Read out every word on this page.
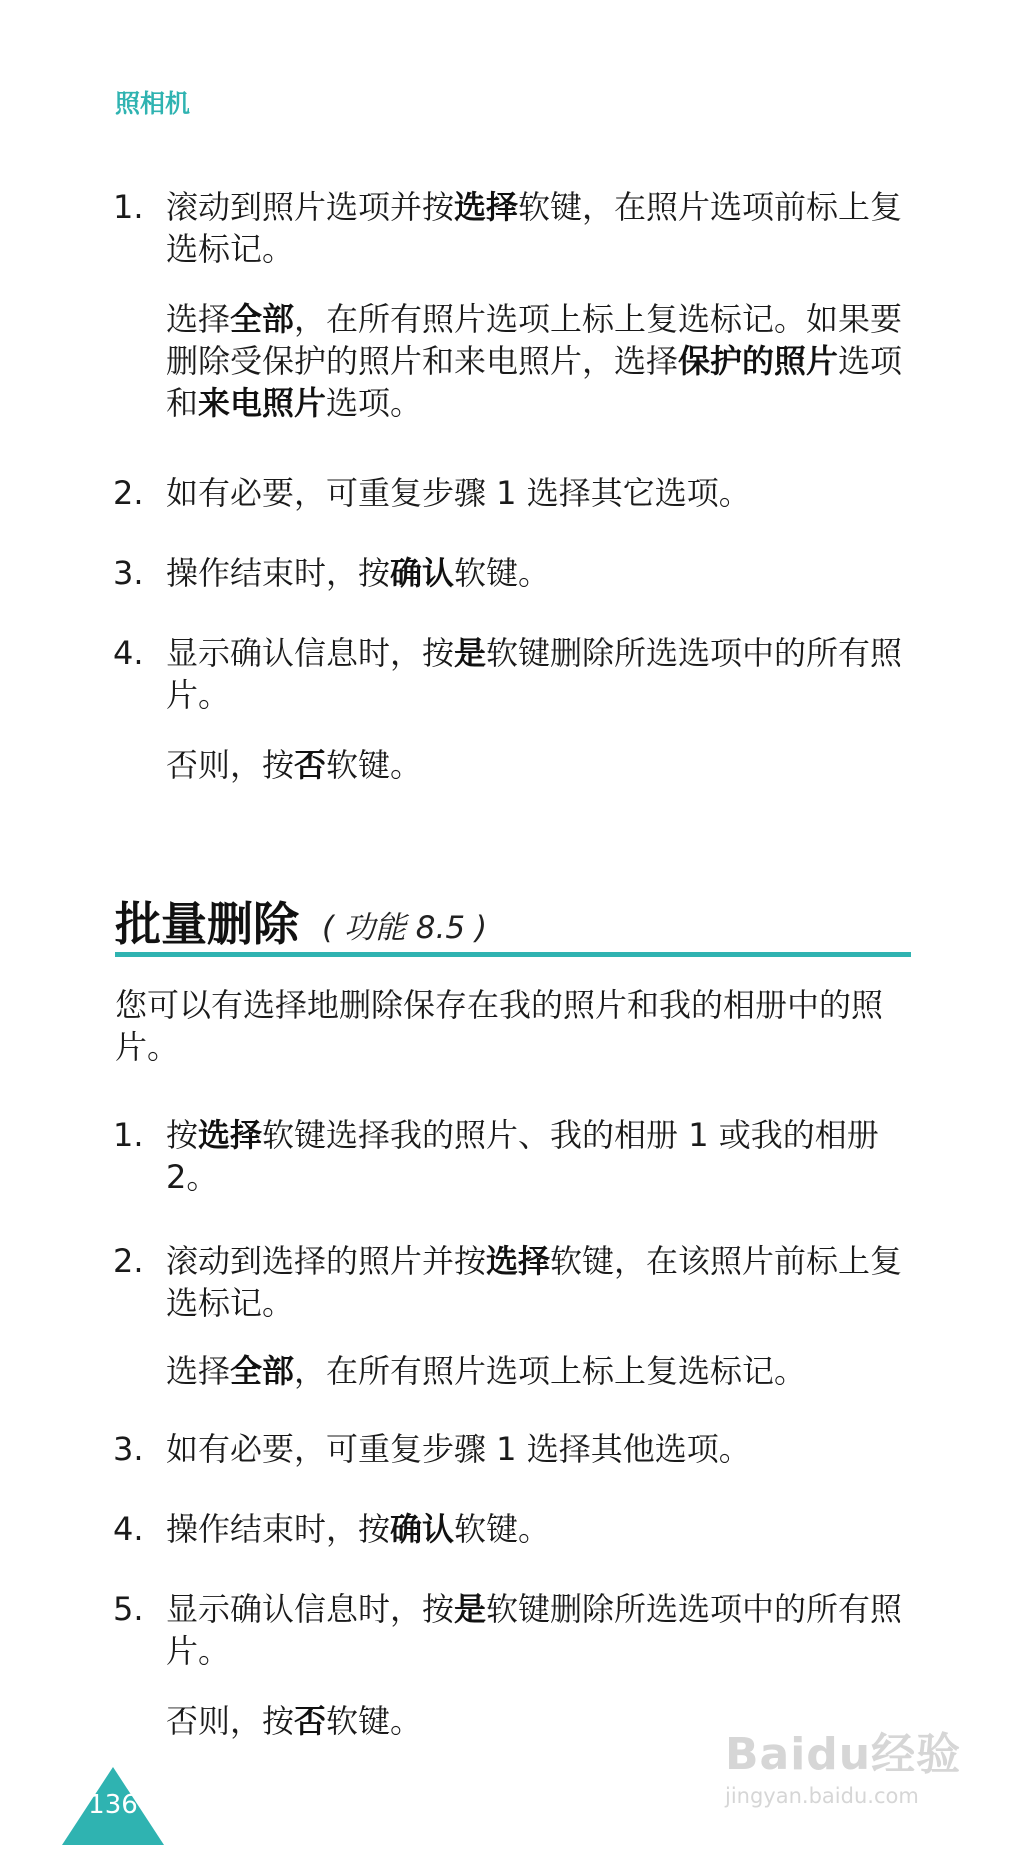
照相机
1. 滚动到照片选项并按选择软键，在照片选项前标上复选标记。
选择全部，在所有照片选项上标上复选标记。如果要删除受保护的照片和来电照片，选择保护的照片选项和来电照片选项。
2. 如有必要，可重复步骤 1 选择其它选项。
3. 操作结束时，按确认软键。
4. 显示确认信息时，按是软键删除所选选项中的所有照片。
否则，按否软键。
批量删除 ( 功能 8.5 )
您可以有选择地删除保存在我的照片和我的相册中的照片。
1. 按选择软键选择我的照片、我的相册 1 或我的相册 2。
2. 滚动到选择的照片并按选择软键，在该照片前标上复选标记。
选择全部，在所有照片选项上标上复选标记。
3. 如有必要，可重复步骤 1 选择其他选项。
4. 操作结束时，按确认软键。
5. 显示确认信息时，按是软键删除所选选项中的所有照片。
否则，按否软键。
136
Baidu经验
jingyan.baidu.com
